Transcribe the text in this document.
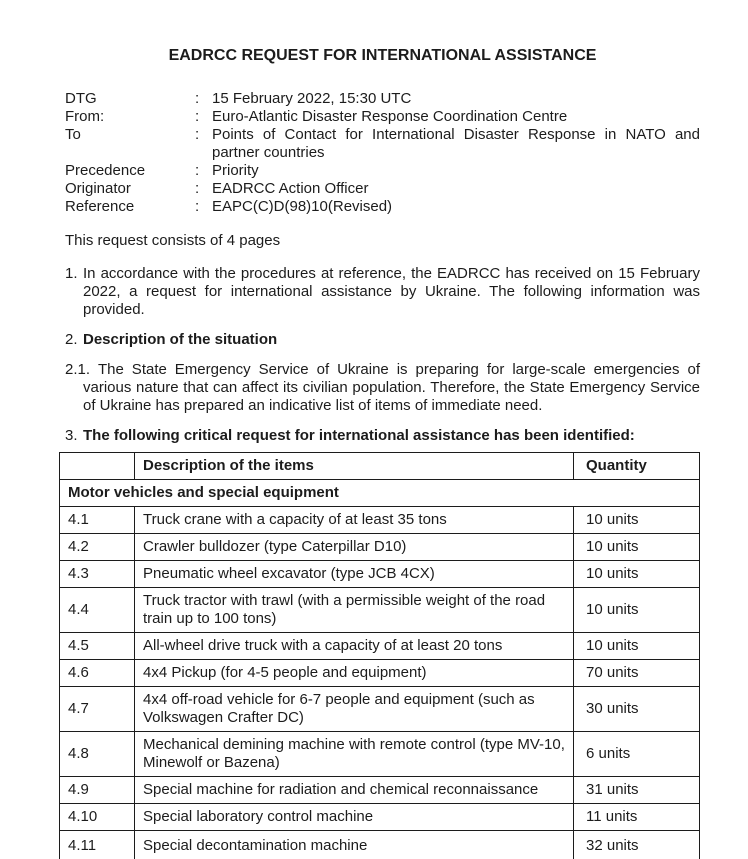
EADRCC REQUEST FOR INTERNATIONAL ASSISTANCE
DTG	: 15 February 2022, 15:30 UTC
From:	: Euro-Atlantic Disaster Response Coordination Centre
To	: Points of Contact for International Disaster Response in NATO and partner countries
Precedence	: Priority
Originator	: EADRCC Action Officer
Reference	: EAPC(C)D(98)10(Revised)
This request consists of 4 pages
1. In accordance with the procedures at reference, the EADRCC has received on 15 February 2022, a request for international assistance by Ukraine. The following information was provided.
2. Description of the situation
2.1. The State Emergency Service of Ukraine is preparing for large-scale emergencies of various nature that can affect its civilian population. Therefore, the State Emergency Service of Ukraine has prepared an indicative list of items of immediate need.
3. The following critical request for international assistance has been identified:
	Description of the items	Quantity
Motor vehicles and special equipment		
4.1	Truck crane with a capacity of at least 35 tons	10 units
4.2	Crawler bulldozer (type Caterpillar D10)	10 units
4.3	Pneumatic wheel excavator (type JCB 4CX)	10 units
4.4	Truck tractor with trawl (with a permissible weight of the road train up to 100 tons)	10 units
4.5	All-wheel drive truck with a capacity of at least 20 tons	10 units
4.6	4x4 Pickup (for 4-5 people and equipment)	70 units
4.7	4x4 off-road vehicle for 6-7 people and equipment (such as Volkswagen Crafter DC)	30 units
4.8	Mechanical demining machine with remote control (type MV-10, Minewolf or Bazena)	6 units
4.9	Special machine for radiation and chemical reconnaissance	31 units
4.10	Special laboratory control machine	11 units
4.11	Special decontamination machine	32 units
